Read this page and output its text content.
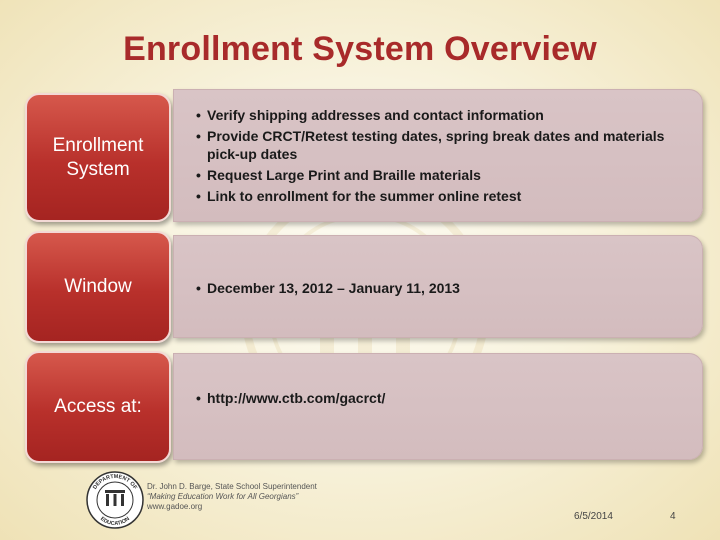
Enrollment System Overview
Enrollment System
• Verify shipping addresses and contact information
• Provide CRCT/Retest testing dates, spring break dates and materials pick-up dates
• Request Large Print and Braille materials
• Link to enrollment for the summer online retest
Window	• December 13, 2012 – January 11, 2013
Access at:	• http://www.ctb.com/gacrct/
DEPARTMENT OF
EDUCATION
Dr. John D. Barge, State School Superintendent
“Making Education Work for All Georgians”
www.gadoe.org
6/5/2014	4
